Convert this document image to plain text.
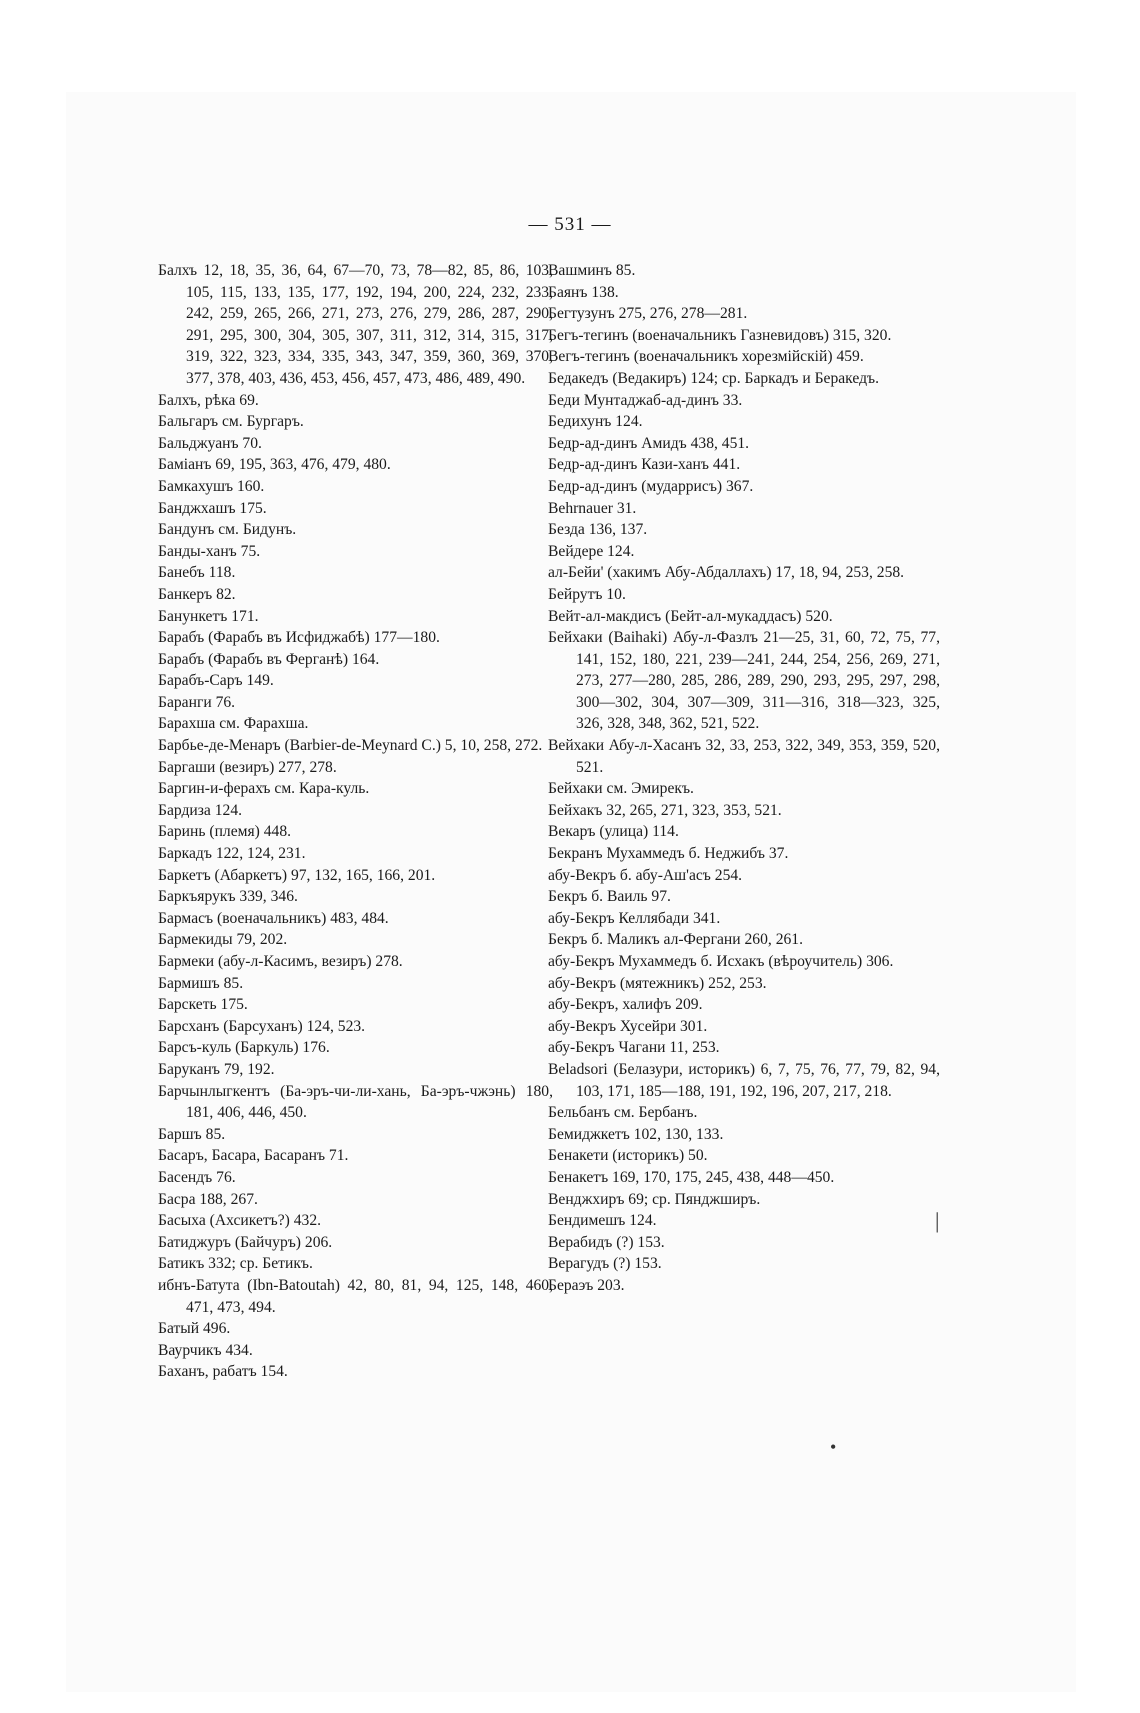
— 531 —

Балхъ 12, 18, 35, 36, 64, 67—70, 73, 78—82, 85, 86, 103, 105, 115, 133, 135, 177, 192, 194, 200, 224, 232, 233, 242, 259, 265, 266, 271, 273, 276, 279, 286, 287, 290, 291, 295, 300, 304, 305, 307, 311, 312, 314, 315, 317, 319, 322, 323, 334, 335, 343, 347, 359, 360, 369, 370, 377, 378, 403, 436, 453, 456, 457, 473, 486, 489, 490.

Балхъ, рѣка 69.

Бальгаръ см. Бургаръ.

Бальджуанъ 70.

Бамiанъ 69, 195, 363, 476, 479, 480.

Бамкахушъ 160.

Банджхашъ 175.

Бандунъ см. Бидунъ.

Банды-ханъ 75.

Банебъ 118.

Банкеръ 82.

Банункетъ 171.

Барабъ (Фарабъ въ Исфиджабѣ) 177—180.

Барабъ (Фарабъ въ Ферганѣ) 164.

Барабъ-Саръ 149.

Баранги 76.

Барахша см. Фарахша.

Барбье-де-Менаръ (Barbier-de-Meynard C.) 5, 10, 258, 272.

Баргаши (везиръ) 277, 278.

Баргин-и-ферахъ см. Кара-куль.

Бардиза 124.

Баринь (племя) 448.

Баркадъ 122, 124, 231.

Баркетъ (Абаркетъ) 97, 132, 165, 166, 201.

Баркъярукъ 339, 346.

Бармасъ (военачальникъ) 483, 484.

Бармекиды 79, 202.

Бармеки (абу-л-Касимъ, везиръ) 278.

Бармишъ 85.

Барскеть 175.

Барсханъ (Барсуханъ) 124, 523.

Барсъ-куль (Баркуль) 176.

Баруканъ 79, 192.

Барчынлыгкентъ (Ба-эръ-чи-ли-хань, Ба-эръ-чжэнь) 180, 181, 406, 446, 450.

Баршъ 85.

Басаръ, Басара, Басаранъ 71.

Басендъ 76.

Басра 188, 267.

Басыха (Ахсикетъ?) 432.

Батиджуръ (Байчуръ) 206.

Батикъ 332; ср. Бетикъ.

ибнъ-Батута (Ibn-Batoutah) 42, 80, 81, 94, 125, 148, 460, 471, 473, 494.

Батый 496.

Ваурчикъ 434.

Баханъ, рабатъ 154.

Вашминъ 85.

Баянъ 138.

Бегтузунъ 275, 276, 278—281.

Бегъ-тегинъ (военачальникъ Газневидовъ) 315, 320.

Вегъ-тегинъ (военачальникъ хорезмiйскiй) 459.

Бедакедъ (Ведакиръ) 124; ср. Баркадъ и Беракедъ.

Беди Мунтаджаб-ад-динъ 33.

Бедихунъ 124.

Бедр-ад-динъ Амидъ 438, 451.

Бедр-ад-динъ Кази-ханъ 441.

Бедр-ад-динъ (мударрисъ) 367.

Behrnauer 31.

Безда 136, 137.

Вейдере 124.

ал-Бейи' (хакимъ Абу-Абдаллахъ) 17, 18, 94, 253, 258.

Бейрутъ 10.

Вейт-ал-макдисъ (Бейт-ал-мукаддасъ) 520.

Бейхаки (Baihaki) Абу-л-Фазлъ 21—25, 31, 60, 72, 75, 77, 141, 152, 180, 221, 239—241, 244, 254, 256, 269, 271, 273, 277—280, 285, 286, 289, 290, 293, 295, 297, 298, 300—302, 304, 307—309, 311—316, 318—323, 325, 326, 328, 348, 362, 521, 522.

Вейхаки Абу-л-Хасанъ 32, 33, 253, 322, 349, 353, 359, 520, 521.

Бейхаки см. Эмирекъ.

Бейхакъ 32, 265, 271, 323, 353, 521.

Векаръ (улица) 114.

Бекранъ Мухаммедъ б. Неджибъ 37.

абу-Векръ б. абу-Аш'асъ 254.

Бекръ б. Ваиль 97.

абу-Бекръ Келлябади 341.

Бекръ б. Маликъ ал-Фергани 260, 261.

абу-Бекръ Мухаммедъ б. Исхакъ (вѣроучитель) 306.

абу-Векръ (мятежникъ) 252, 253.

абу-Бекръ, халифъ 209.

абу-Векръ Хусейри 301.

абу-Бекръ Чагани 11, 253.

Beladsori (Белазури, историкъ) 6, 7, 75, 76, 77, 79, 82, 94, 103, 171, 185—188, 191, 192, 196, 207, 217, 218.

Бельбанъ см. Бербанъ.

Бемиджкетъ 102, 130, 133.

Бенакети (историкъ) 50.

Бенакетъ 169, 170, 175, 245, 438, 448—450.

Венджхиръ 69; ср. Пянджширъ.

Бендимешъ 124.

Верабидъ (?) 153.

Верагудъ (?) 153.

Бераэъ 203.

|
•
